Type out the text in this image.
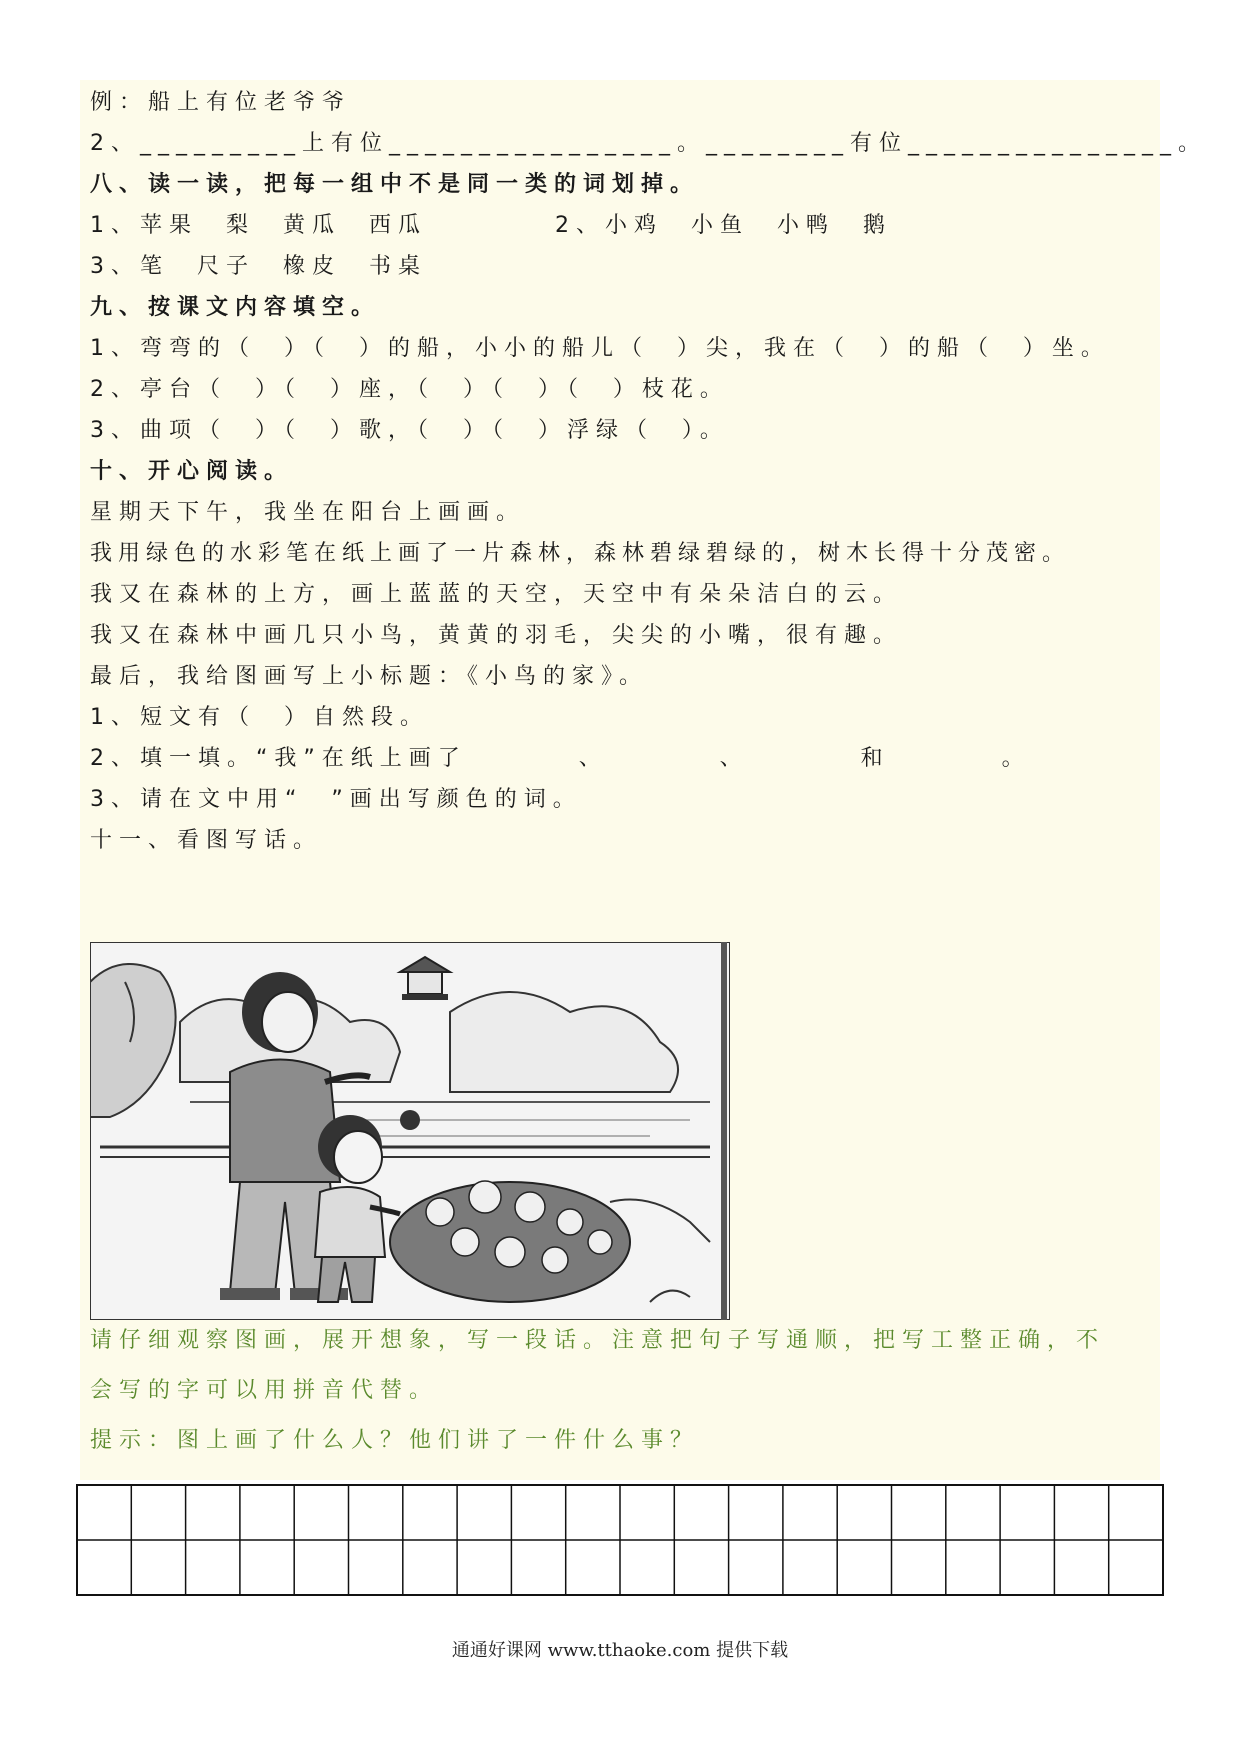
例：船上有位老爷爷
2、_________上有位________________。________有位_______________。
八、读一读，把每一组中不是同一类的词划掉。
1、苹果  梨  黄瓜  西瓜	2、小鸡  小鱼  小鸭  鹅
3、笔  尺子  橡皮  书桌
九、按课文内容填空。
1、弯弯的（  ）（  ）的船，小小的船儿（  ）尖，我在（  ）的船（  ）坐。
2、亭台（  ）（  ）座，（  ）（  ）（  ）枝花。
3、曲项（  ）（  ）歌，（  ）（  ）浮绿（  ）。
十、开心阅读。
星期天下午，我坐在阳台上画画。
我用绿色的水彩笔在纸上画了一片森林，森林碧绿碧绿的，树木长得十分茂密。
我又在森林的上方，画上蓝蓝的天空，天空中有朵朵洁白的云。
我又在森林中画几只小鸟，黄黄的羽毛，尖尖的小嘴，很有趣。
最后，我给图画写上小标题：《小鸟的家》。
1、短文有（  ）自然段。
2、填一填。“我”在纸上画了        、        、        和        。
3、请在文中用“  ”画出写颜色的词。
十一、看图写话。
请仔细观察图画，展开想象，写一段话。注意把句子写通顺，把写工整正确，不
会写的字可以用拼音代替。
提示：图上画了什么人？他们讲了一件什么事？
通通好课网 www.tthaoke.com 提供下载
